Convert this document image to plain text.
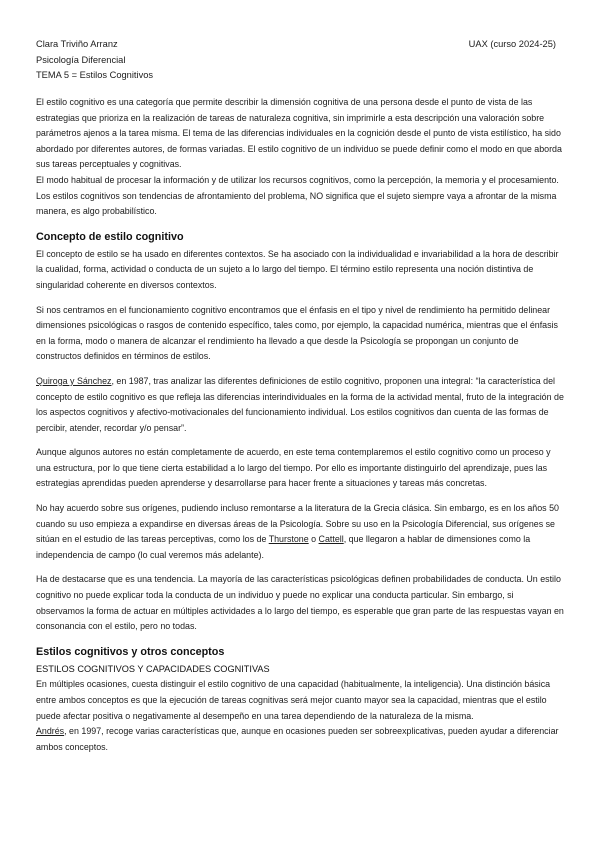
Clara Triviño Arranz
Psicología Diferencial
TEMA 5 = Estilos Cognitivos
UAX (curso 2024-25)

El estilo cognitivo es una categoría que permite describir la dimensión cognitiva de una persona desde el punto de vista de las estrategias que prioriza en la realización de tareas de naturaleza cognitiva, sin imprimirle a esta descripción una valoración sobre parámetros ajenos a la tarea misma. El tema de las diferencias individuales en la cognición desde el punto de vista estilístico, ha sido abordado por diferentes autores, de formas variadas. El estilo cognitivo de un individuo se puede definir como el modo en que aborda sus tareas perceptuales y cognitivas.

El modo habitual de procesar la información y de utilizar los recursos cognitivos, como la percepción, la memoria y el procesamiento. Los estilos cognitivos son tendencias de afrontamiento del problema, NO significa que el sujeto siempre vaya a afrontar de la misma manera, es algo probabilístico.

Concepto de estilo cognitivo

El concepto de estilo se ha usado en diferentes contextos. Se ha asociado con la individualidad e invariabilidad a la hora de describir la cualidad, forma, actividad o conducta de un sujeto a lo largo del tiempo. El término estilo representa una noción distintiva de singularidad coherente en diversos contextos.

Si nos centramos en el funcionamiento cognitivo encontramos que el énfasis en el tipo y nivel de rendimiento ha permitido delinear dimensiones psicológicas o rasgos de contenido específico, tales como, por ejemplo, la capacidad numérica, mientras que el énfasis en la forma, modo o manera de alcanzar el rendimiento ha llevado a que desde la Psicología se propongan un conjunto de constructos definidos en términos de estilos.

Quiroga y Sánchez, en 1987, tras analizar las diferentes definiciones de estilo cognitivo, proponen una integral: “la característica del concepto de estilo cognitivo es que refleja las diferencias interindividuales en la forma de la actividad mental, fruto de la integración de los aspectos cognitivos y afectivo-motivacionales del funcionamiento individual. Los estilos cognitivos dan cuenta de las formas de percibir, atender, recordar y/o pensar”.

Aunque algunos autores no están completamente de acuerdo, en este tema contemplaremos el estilo cognitivo como un proceso y una estructura, por lo que tiene cierta estabilidad a lo largo del tiempo. Por ello es importante distinguirlo del aprendizaje, pues las estrategias aprendidas pueden aprenderse y desarrollarse para hacer frente a situaciones y tareas más concretas.

No hay acuerdo sobre sus orígenes, pudiendo incluso remontarse a la literatura de la Grecia clásica. Sin embargo, es en los años 50 cuando su uso empieza a expandirse en diversas áreas de la Psicología. Sobre su uso en la Psicología Diferencial, sus orígenes se sitúan en el estudio de las tareas perceptivas, como los de Thurstone o Cattell, que llegaron a hablar de dimensiones como la independencia de campo (lo cual veremos más adelante).

Ha de destacarse que es una tendencia. La mayoría de las características psicológicas definen probabilidades de conducta. Un estilo cognitivo no puede explicar toda la conducta de un individuo y puede no explicar una conducta particular. Sin embargo, si observamos la forma de actuar en múltiples actividades a lo largo del tiempo, es esperable que gran parte de las respuestas vayan en consonancia con el estilo, pero no todas.

Estilos cognitivos y otros conceptos
ESTILOS COGNITIVOS Y CAPACIDADES COGNITIVAS

En múltiples ocasiones, cuesta distinguir el estilo cognitivo de una capacidad (habitualmente, la inteligencia). Una distinción básica entre ambos conceptos es que la ejecución de tareas cognitivas será mejor cuanto mayor sea la capacidad, mientras que el estilo puede afectar positiva o negativamente al desempeño en una tarea dependiendo de la naturaleza de la misma.

Andrés, en 1997, recoge varias características que, aunque en ocasiones pueden ser sobreexplicativas, pueden ayudar a diferenciar ambos conceptos.
